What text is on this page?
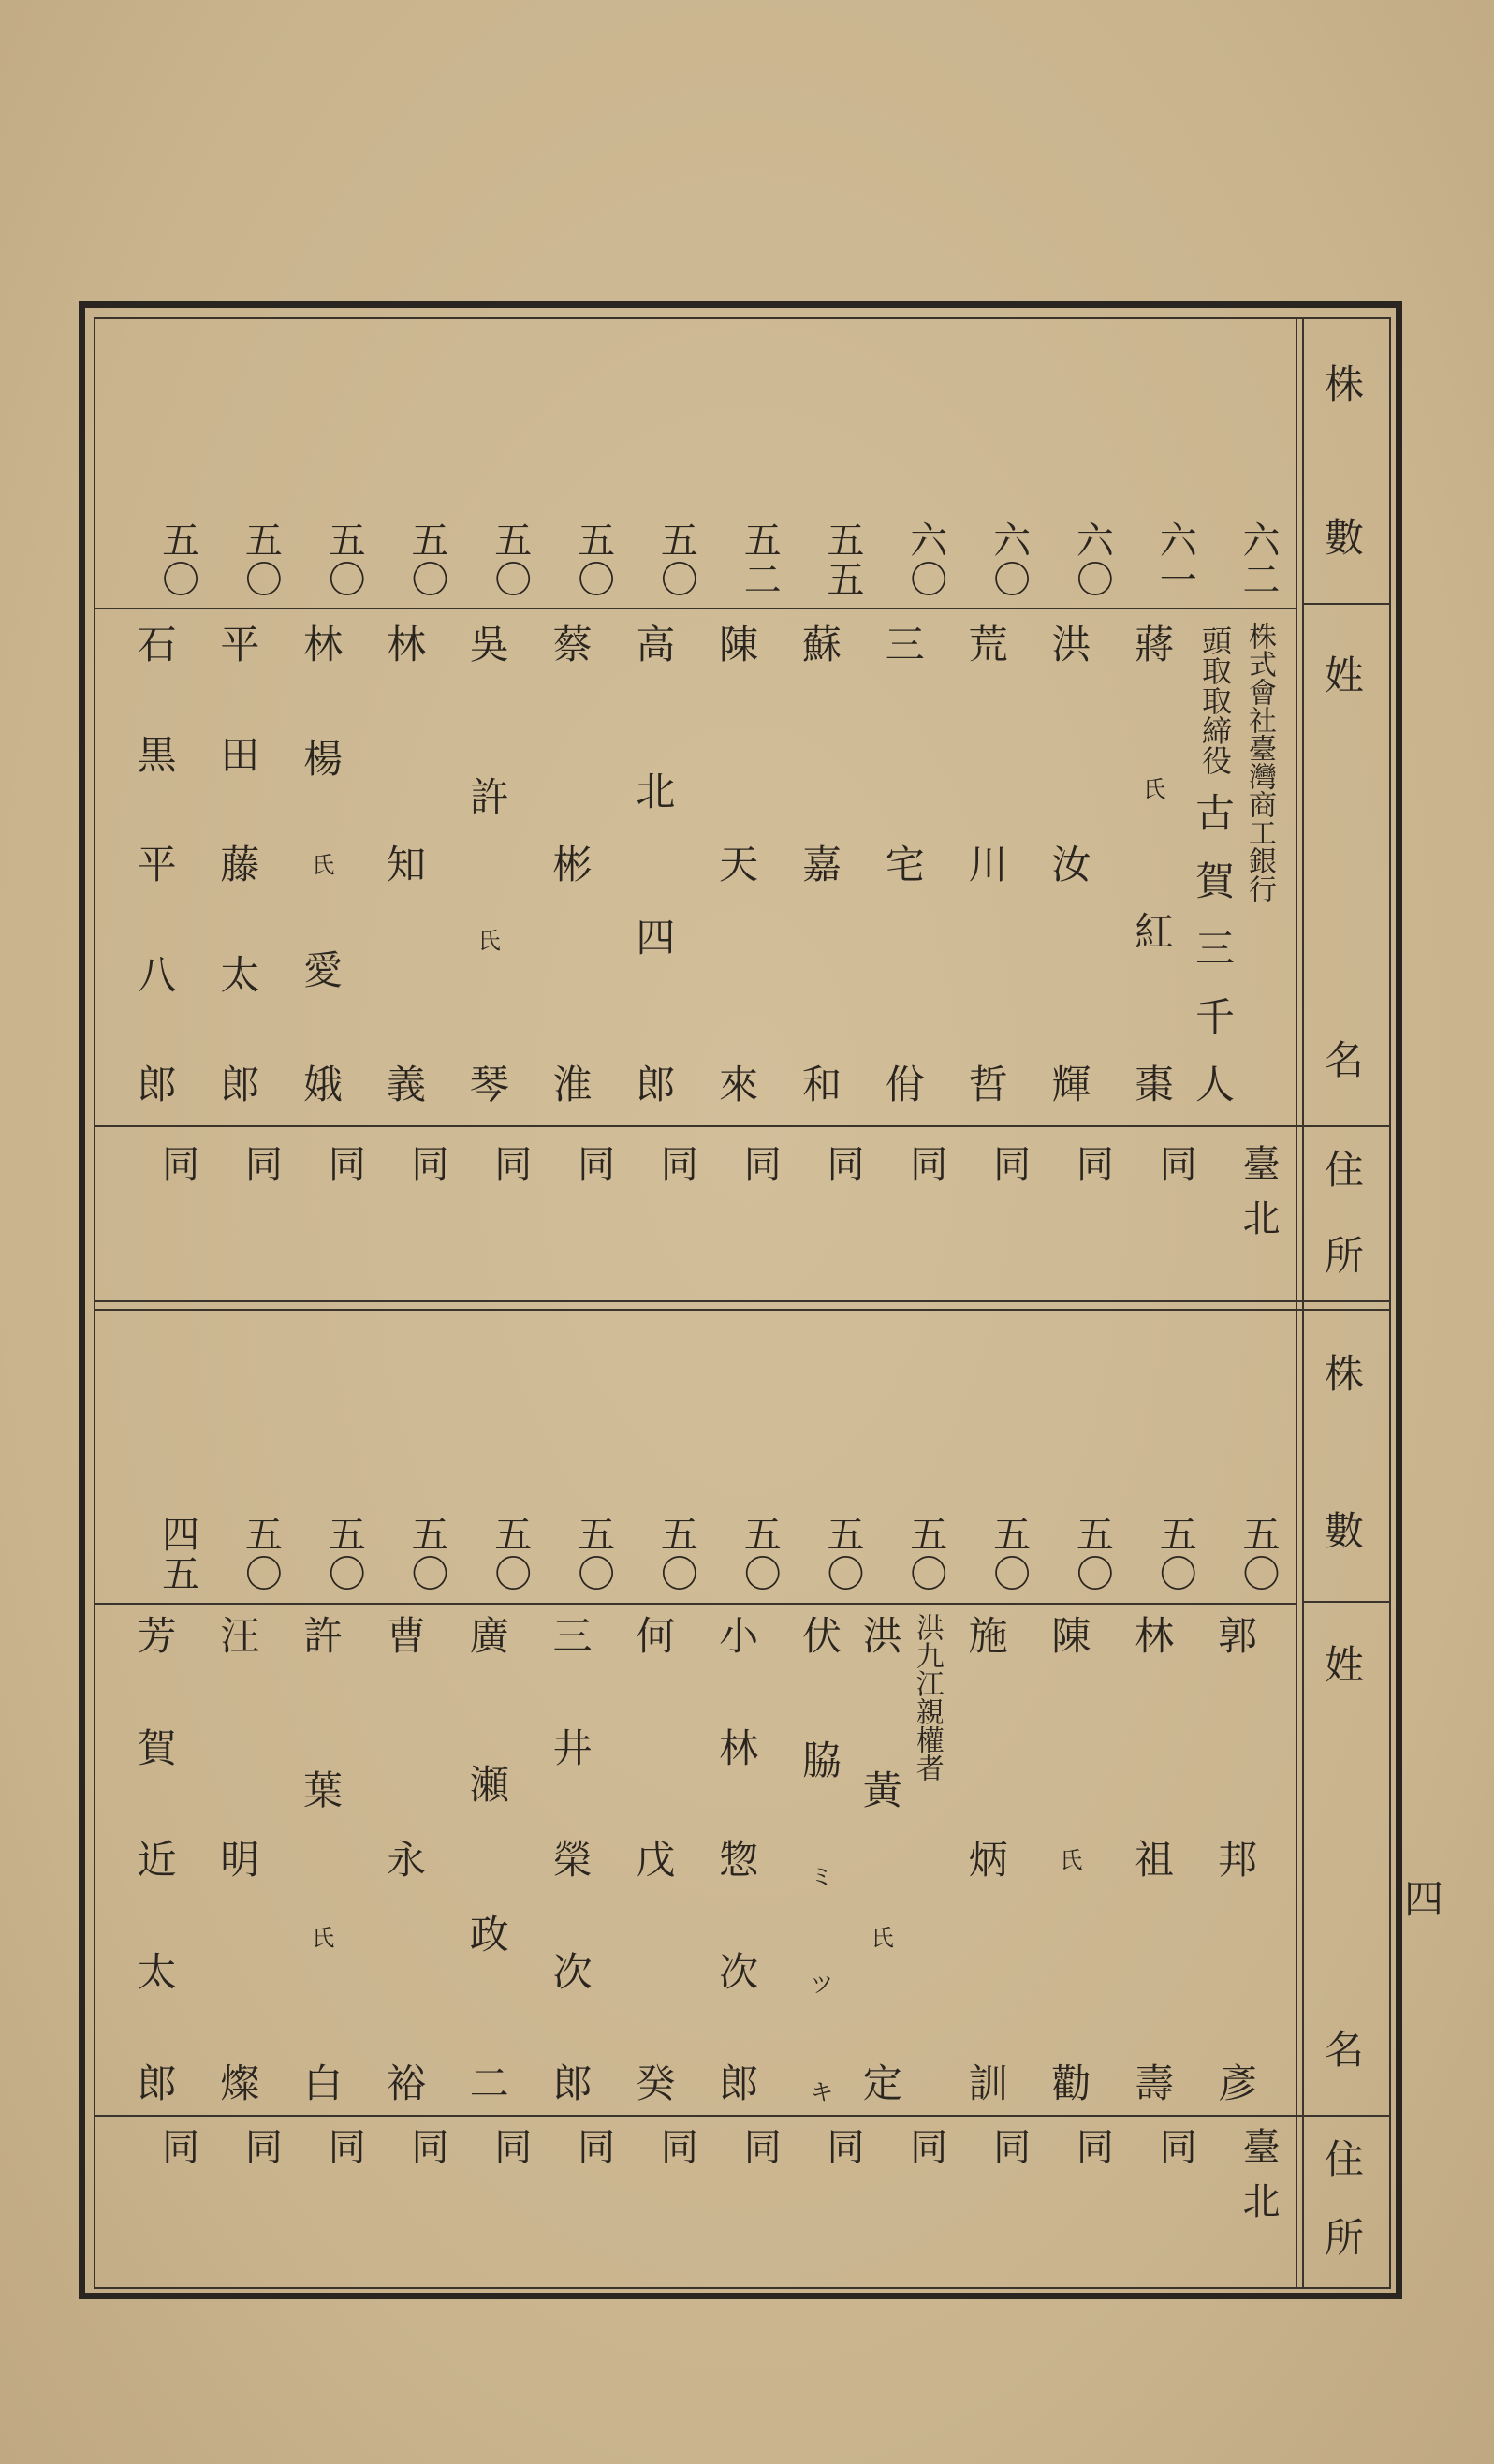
株
數
姓
名
住
所
株
數
姓
名
住
所
四
六二
株式會社臺灣商工銀行
頭取取締役
古
賀
三
千
人
臺北
六一
蔣
氏
紅
棗
同
六〇
洪
汝
輝
同
六〇
荒
川
哲
同
六〇
三
宅
佾
同
五五
蘇
嘉
和
同
五二
陳
天
來
同
五〇
高
北
四
郎
同
五〇
蔡
彬
淮
同
五〇
吳
許
氏
琴
同
五〇
林
知
義
同
五〇
林
楊
氏
愛
娥
同
五〇
平
田
藤
太
郎
同
五〇
石
黒
平
八
郎
同
五〇
郭
邦
彥
臺北
五〇
林
祖
壽
同
五〇
陳
氏
勸
同
五〇
施
炳
訓
同
五〇
洪九江親權者
洪
黃
氏
定
同
五〇
伏
脇
ミ
ツ
キ
同
五〇
小
林
惣
次
郎
同
五〇
何
戊
癸
同
五〇
三
井
榮
次
郎
同
五〇
廣
瀬
政
二
同
五〇
曹
永
裕
同
五〇
許
葉
氏
白
同
五〇
汪
明
燦
同
四五
芳
賀
近
太
郎
同
